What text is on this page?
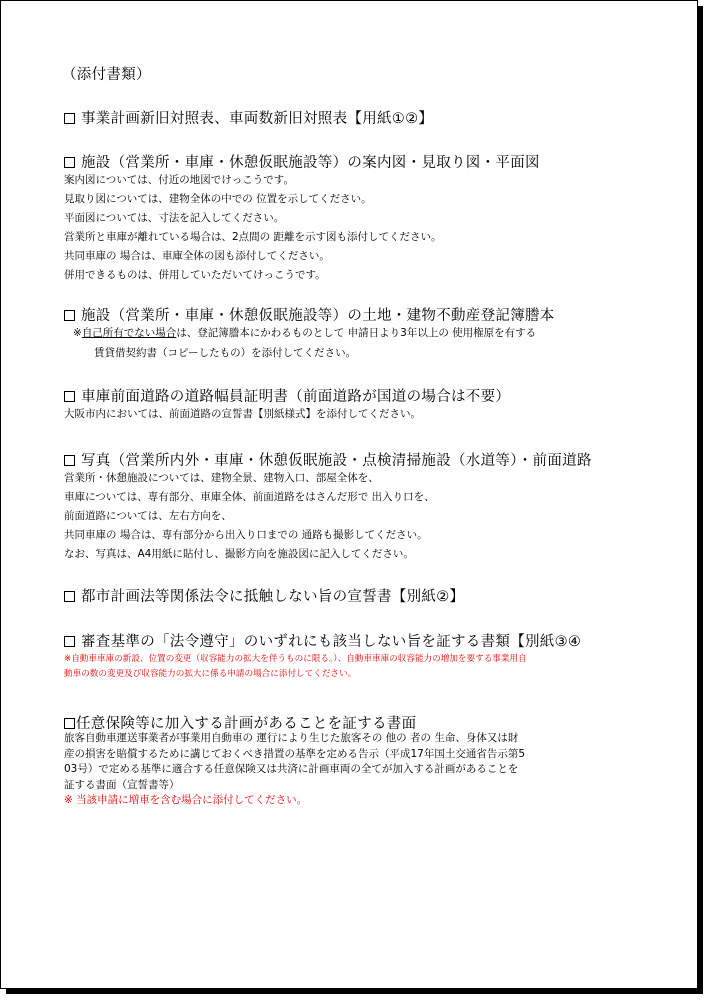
（添付書類）
事業計画新旧対照表、車両数新旧対照表【用紙①②】
施設（営業所・車庫・休憩仮眠施設等）の案内図・見取り図・平面図
案内図については、付近の地図でけっこうです。
見取り図については、建物全体の中での 位置を示してください。
平面図については、寸法を記入してください。
営業所と車庫が離れている場合は、2点間の 距離を示す図も添付してください。
共同車庫の 場合は、車庫全体の図も添付してください。
併用できるものは、併用していただいてけっこうです。
施設（営業所・車庫・休憩仮眠施設等）の土地・建物不動産登記簿謄本
※自己所有でない場合は、登記簿謄本にかわるものとして 申請日より3年以上の 使用権原を有する
賃貸借契約書（コピーしたもの）を添付してください。
車庫前面道路の道路幅員証明書（前面道路が国道の場合は不要）
大阪市内においては、前面道路の宣誓書【別紙様式】を添付してください。
写真（営業所内外・車庫・休憩仮眠施設・点検清掃施設（水道等）・前面道路
営業所・休憩施設については、建物全景、建物入口、部屋全体を、
車庫については、専有部分、車庫全体、前面道路をはさんだ形で 出入り口を、
前面道路については、左右方向を、
共同車庫の 場合は、専有部分から出入り口までの 通路も撮影してください。
なお、写真は、A4用紙に貼付し、撮影方向を施設図に記入してください。
都市計画法等関係法令に抵触しない旨の宣誓書【別紙②】
審査基準の「法令遵守」のいずれにも該当しない旨を証する書類【別紙③④
※自動車車庫の新設、位置の変更（収容能力の拡大を伴うものに限る。）、自動車車庫の収容能力の増加を要する事業用自
動車の数の変更及び収容能力の拡大に係る申請の場合に添付してください。
任意保険等に加入する計画があることを証する書面
旅客自動車運送事業者が事業用自動車の 運行により生じた旅客その 他の 者の 生命、身体又は財
産の損害を賠償するために講じておくべき措置の基準を定める告示（平成17年国土交通省告示第5
03号）で定める基準に適合する任意保険又は共済に計画車両の全てが加入する計画があることを
証する書面（宣誓書等）
※ 当該申請に増車を含む場合に添付してください。
